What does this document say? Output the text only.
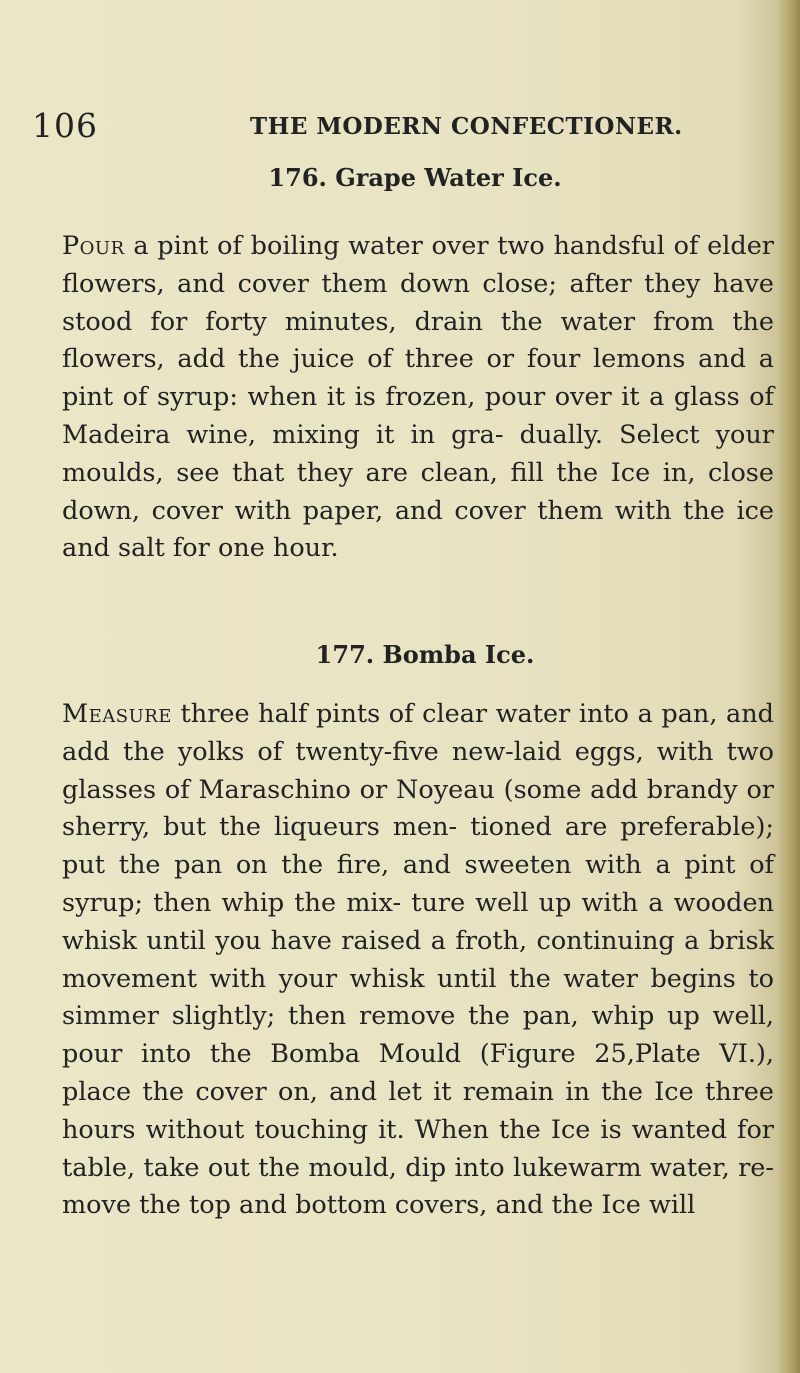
106	THE MODERN CONFECTIONER.
176. Grape Water Ice.

Pour a pint of boiling water over two handsful of elder flowers, and cover them down close; after they have stood for forty minutes, drain the water from the flowers, add the juice of three or four lemons and a pint of syrup: when it is frozen, pour over it a glass of Madeira wine, mixing it in gra- dually. Select your moulds, see that they are clean, fill the Ice in, close down, cover with paper, and cover them with the ice and salt for one hour.

177. Bomba Ice.

Measure three half pints of clear water into a pan, and add the yolks of twenty-five new-laid eggs, with two glasses of Maraschino or Noyeau (some add brandy or sherry, but the liqueurs men- tioned are preferable); put the pan on the fire, and sweeten with a pint of syrup; then whip the mix- ture well up with a wooden whisk until you have raised a froth, continuing a brisk movement with your whisk until the water begins to simmer slightly; then remove the pan, whip up well, pour into the Bomba Mould (Figure 25,Plate VI.), place the cover on, and let it remain in the Ice three hours without touching it. When the Ice is wanted for table, take out the mould, dip into lukewarm water, re- move the top and bottom covers, and the Ice will
